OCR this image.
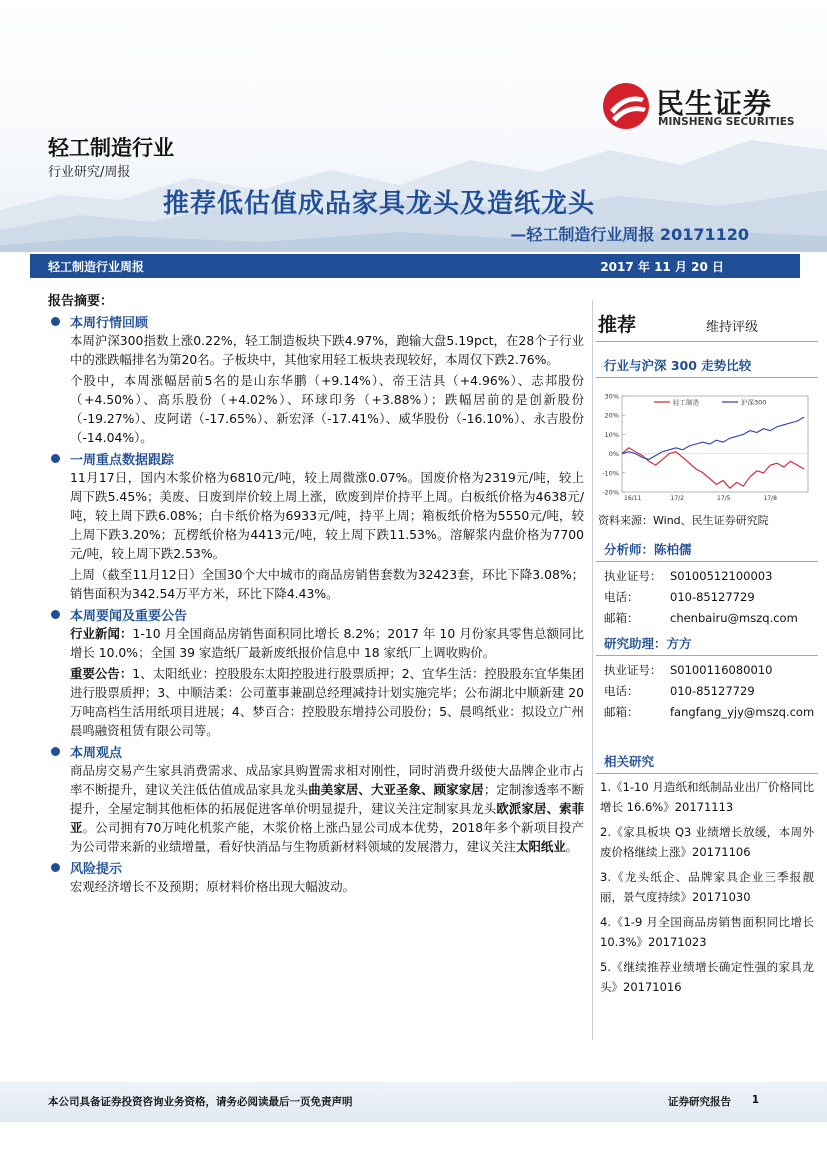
民生证券
MINSHENG SECURITIES
轻工制造行业
行业研究/周报
推荐低估值成品家具龙头及造纸龙头
—轻工制造行业周报 20171120
轻工制造行业周报	2017 年 11 月 20 日
报告摘要：
本周行情回顾

本周沪深300指数上涨0.22%，轻工制造板块下跌4.97%，跑输大盘5.19pct，在28个子行业中的涨跌幅排名为第20名。子板块中，其他家用轻工板块表现较好，本周仅下跌2.76%。

个股中，本周涨幅居前5名的是山东华鹏（+9.14%）、帝王洁具（+4.96%）、志邦股份（+4.50%）、高乐股份（+4.02%）、环球印务（+3.88%）；跌幅居前的是创新股份（-19.27%）、皮阿诺（-17.65%）、新宏泽（-17.41%）、威华股份（-16.10%）、永吉股份（-14.04%）。

一周重点数据跟踪

11月17日，国内木浆价格为6810元/吨，较上周微涨0.07%。国废价格为2319元/吨，较上周下跌5.45%；美废、日废到岸价较上周上涨，欧废到岸价持平上周。白板纸价格为4638元/吨，较上周下跌6.08%；白卡纸价格为6933元/吨，持平上周；箱板纸价格为5550元/吨，较上周下跌3.20%；瓦楞纸价格为4413元/吨，较上周下跌11.53%。溶解浆内盘价格为7700元/吨，较上周下跌2.53%。

上周（截至11月12日）全国30个大中城市的商品房销售套数为32423套，环比下降3.08%；销售面积为342.54万平方米，环比下降4.43%。

本周要闻及重要公告

行业新闻：1-10 月全国商品房销售面积同比增长 8.2%；2017 年 10 月份家具零售总额同比增长 10.0%；全国 39 家造纸厂最新废纸报价信息中 18 家纸厂上调收购价。

重要公告：1、太阳纸业：控股股东太阳控股进行股票质押；2、宜华生活：控股股东宜华集团进行股票质押；3、中顺洁柔：公司董事兼副总经理减持计划实施完毕；公布湖北中顺新建 20 万吨高档生活用纸项目进展；4、梦百合：控股股东增持公司股份；5、晨鸣纸业：拟设立广州晨鸣融资租赁有限公司等。

本周观点

商品房交易产生家具消费需求、成品家具购置需求相对刚性，同时消费升级使大品牌企业市占率不断提升，建议关注低估值成品家具龙头曲美家居、大亚圣象、顾家家居；定制渗透率不断提升，全屋定制其他柜体的拓展促进客单价明显提升，建议关注定制家具龙头欧派家居、索菲亚。公司拥有70万吨化机浆产能，木浆价格上涨凸显公司成本优势，2018年多个新项目投产为公司带来新的业绩增量，看好快消品与生物质新材料领域的发展潜力，建议关注太阳纸业。

风险提示

宏观经济增长不及预期；原材料价格出现大幅波动。

推荐	维持评级
行业与沪深 300 走势比较
30%
20%
10%
0%
-10%
-20%
16/11	17/2	17/5	17/8
轻工制造	沪深300
资料来源：Wind、民生证券研究院
分析师：陈柏儒
执业证号： S0100512100003
电话：	010-85127729
邮箱：	chenbairu@mszq.com
研究助理：方方
执业证号： S0100116080010
电话：	010-85127729
邮箱：	fangfang_yjy@mszq.com
相关研究
1.《1-10 月造纸和纸制品业出厂价格同比增长 16.6%》20171113
2.《家具板块 Q3 业绩增长放缓，本周外废价格继续上涨》20171106
3.《龙头纸企、品牌家具企业三季报靓丽，景气度持续》20171030
4.《1-9 月全国商品房销售面积同比增长 10.3%》20171023
5.《继续推荐业绩增长确定性强的家具龙头》20171016
本公司具备证券投资咨询业务资格，请务必阅读最后一页免责声明	证券研究报告 1
